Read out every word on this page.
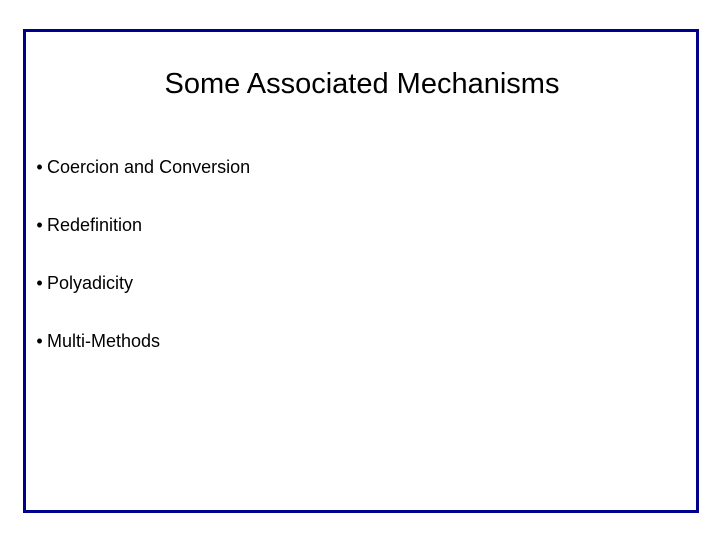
Some Associated Mechanisms
• Coercion and Conversion
• Redefinition
• Polyadicity
• Multi-Methods
